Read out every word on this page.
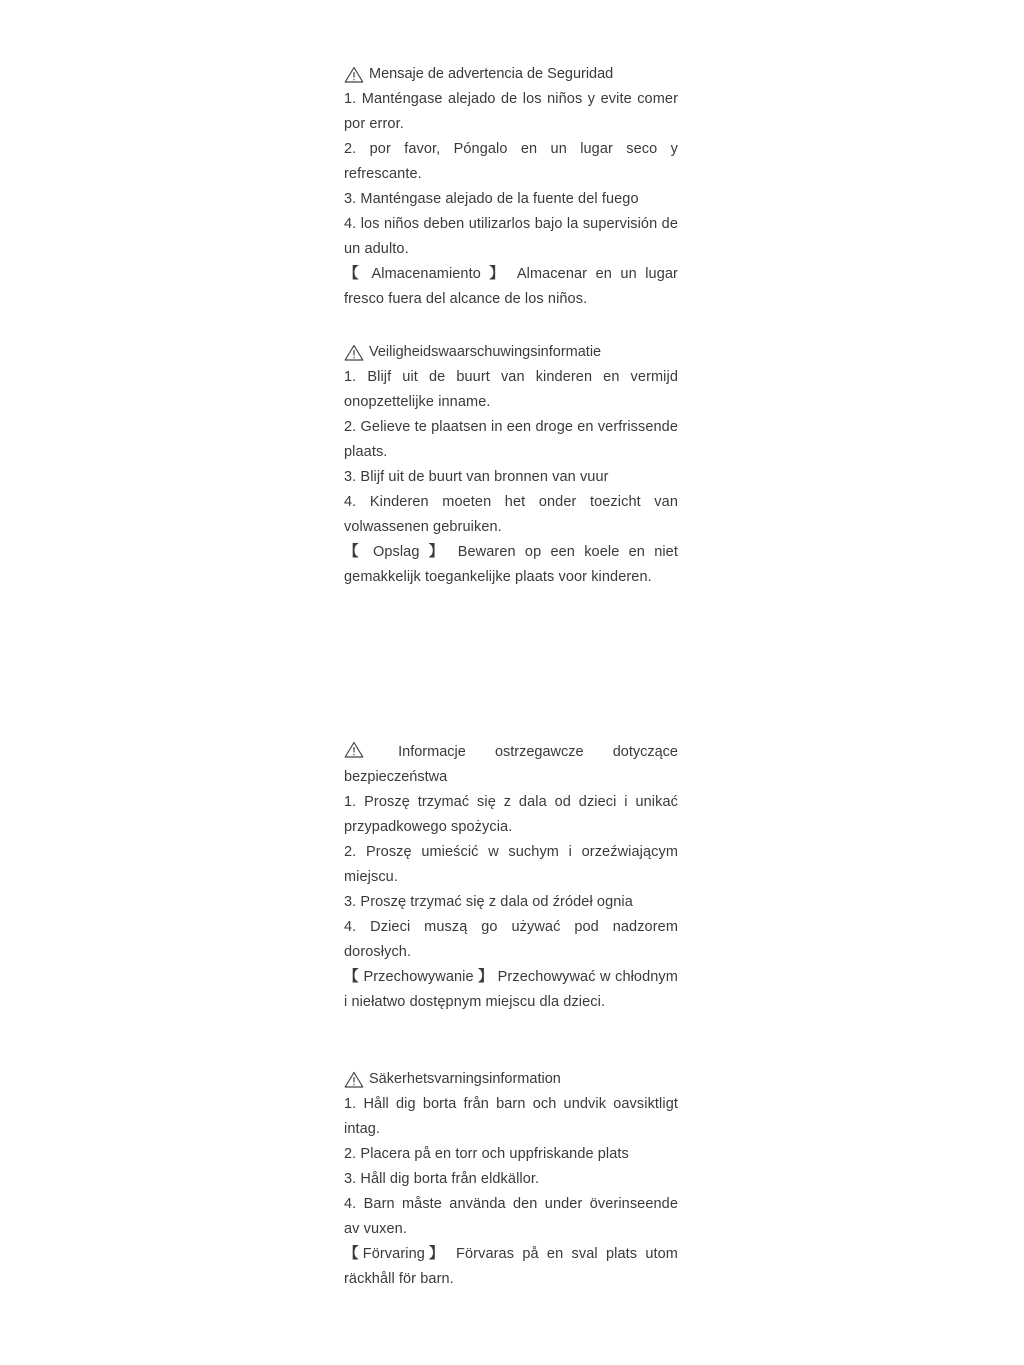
Mensaje de advertencia de Seguridad

1. Manténgase alejado de los niños y evite comer por error.

2. por favor, Póngalo en un lugar seco y refrescante.

3. Manténgase alejado de la fuente del fuego

4. los niños deben utilizarlos bajo la supervisión de un adulto.

【 Almacenamiento 】 Almacenar en un lugar fresco fuera del alcance de los niños.

Veiligheidswaarschuwingsinformatie

1. Blijf uit de buurt van kinderen en vermijd onopzettelijke inname.

2. Gelieve te plaatsen in een droge en verfrissende plaats.

3. Blijf uit de buurt van bronnen van vuur

4. Kinderen moeten het onder toezicht van volwassenen gebruiken.

【 Opslag 】 Bewaren op een koele en niet gemakkelijk toegankelijke plaats voor kinderen.

Informacje ostrzegawcze dotyczące bezpieczeństwa

1. Proszę trzymać się z dala od dzieci i unikać przypadkowego spożycia.

2. Proszę umieścić w suchym i orzeźwiającym miejscu.

3. Proszę trzymać się z dala od źródeł ognia

4. Dzieci muszą go używać pod nadzorem dorosłych.

【 Przechowywanie 】 Przechowywać w chłodnym i niełatwo dostępnym miejscu dla dzieci.

Säkerhetsvarningsinformation

1. Håll dig borta från barn och undvik oavsiktligt intag.

2. Placera på en torr och uppfriskande plats

3. Håll dig borta från eldkällor.

4. Barn måste använda den under överinseende av vuxen.

【Förvaring】 Förvaras på en sval plats utom räckhåll för barn.
